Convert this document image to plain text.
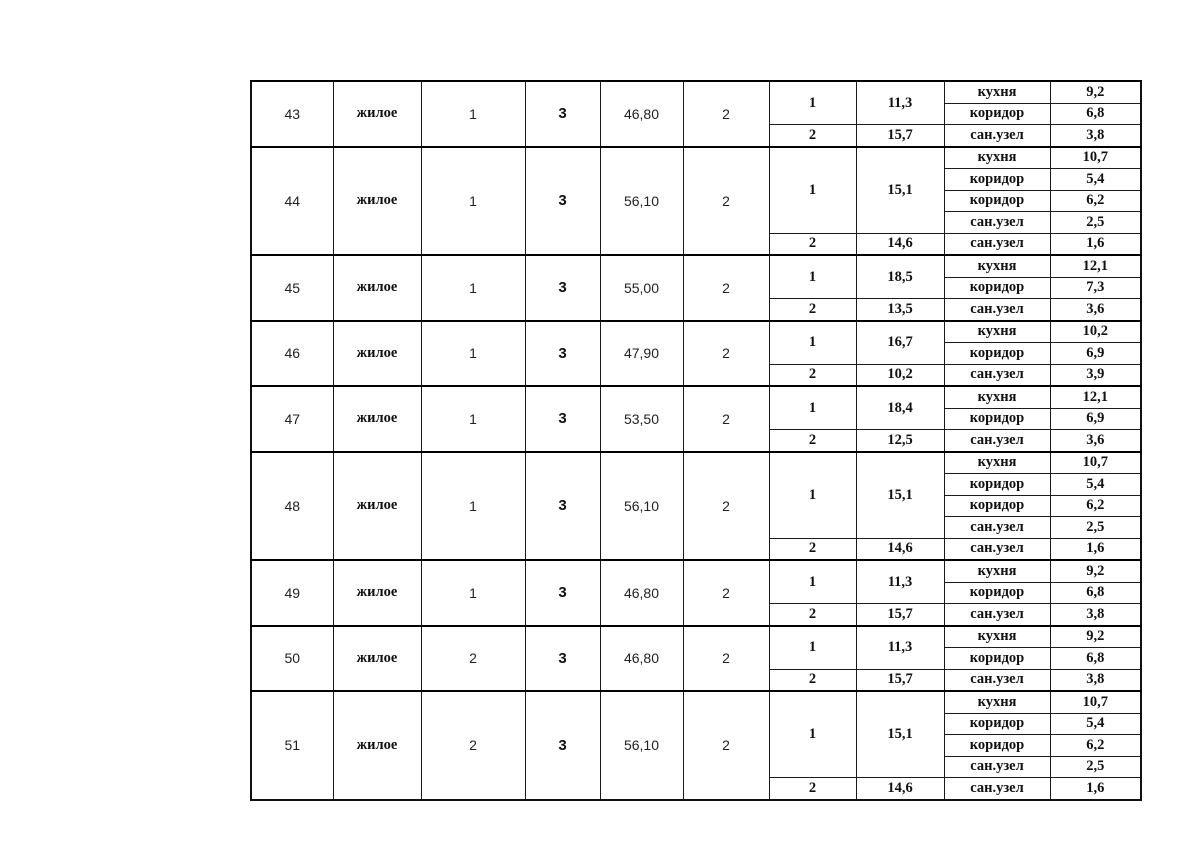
43	жилое	1	3	46,80	2	1	11,3	кухня	9,2
								коридор	6,8
						2	15,7	сан.узел	3,8
44	жилое	1	3	56,10	2	1	15,1	кухня	10,7
								коридор	5,4
								коридор	6,2
								сан.узел	2,5
						2	14,6	сан.узел	1,6
45	жилое	1	3	55,00	2	1	18,5	кухня	12,1
								коридор	7,3
						2	13,5	сан.узел	3,6
46	жилое	1	3	47,90	2	1	16,7	кухня	10,2
								коридор	6,9
						2	10,2	сан.узел	3,9
47	жилое	1	3	53,50	2	1	18,4	кухня	12,1
								коридор	6,9
						2	12,5	сан.узел	3,6
48	жилое	1	3	56,10	2	1	15,1	кухня	10,7
								коридор	5,4
								коридор	6,2
								сан.узел	2,5
						2	14,6	сан.узел	1,6
49	жилое	1	3	46,80	2	1	11,3	кухня	9,2
								коридор	6,8
						2	15,7	сан.узел	3,8
50	жилое	2	3	46,80	2	1	11,3	кухня	9,2
								коридор	6,8
						2	15,7	сан.узел	3,8
51	жилое	2	3	56,10	2	1	15,1	кухня	10,7
								коридор	5,4
								коридор	6,2
								сан.узел	2,5
						2	14,6	сан.узел	1,6
